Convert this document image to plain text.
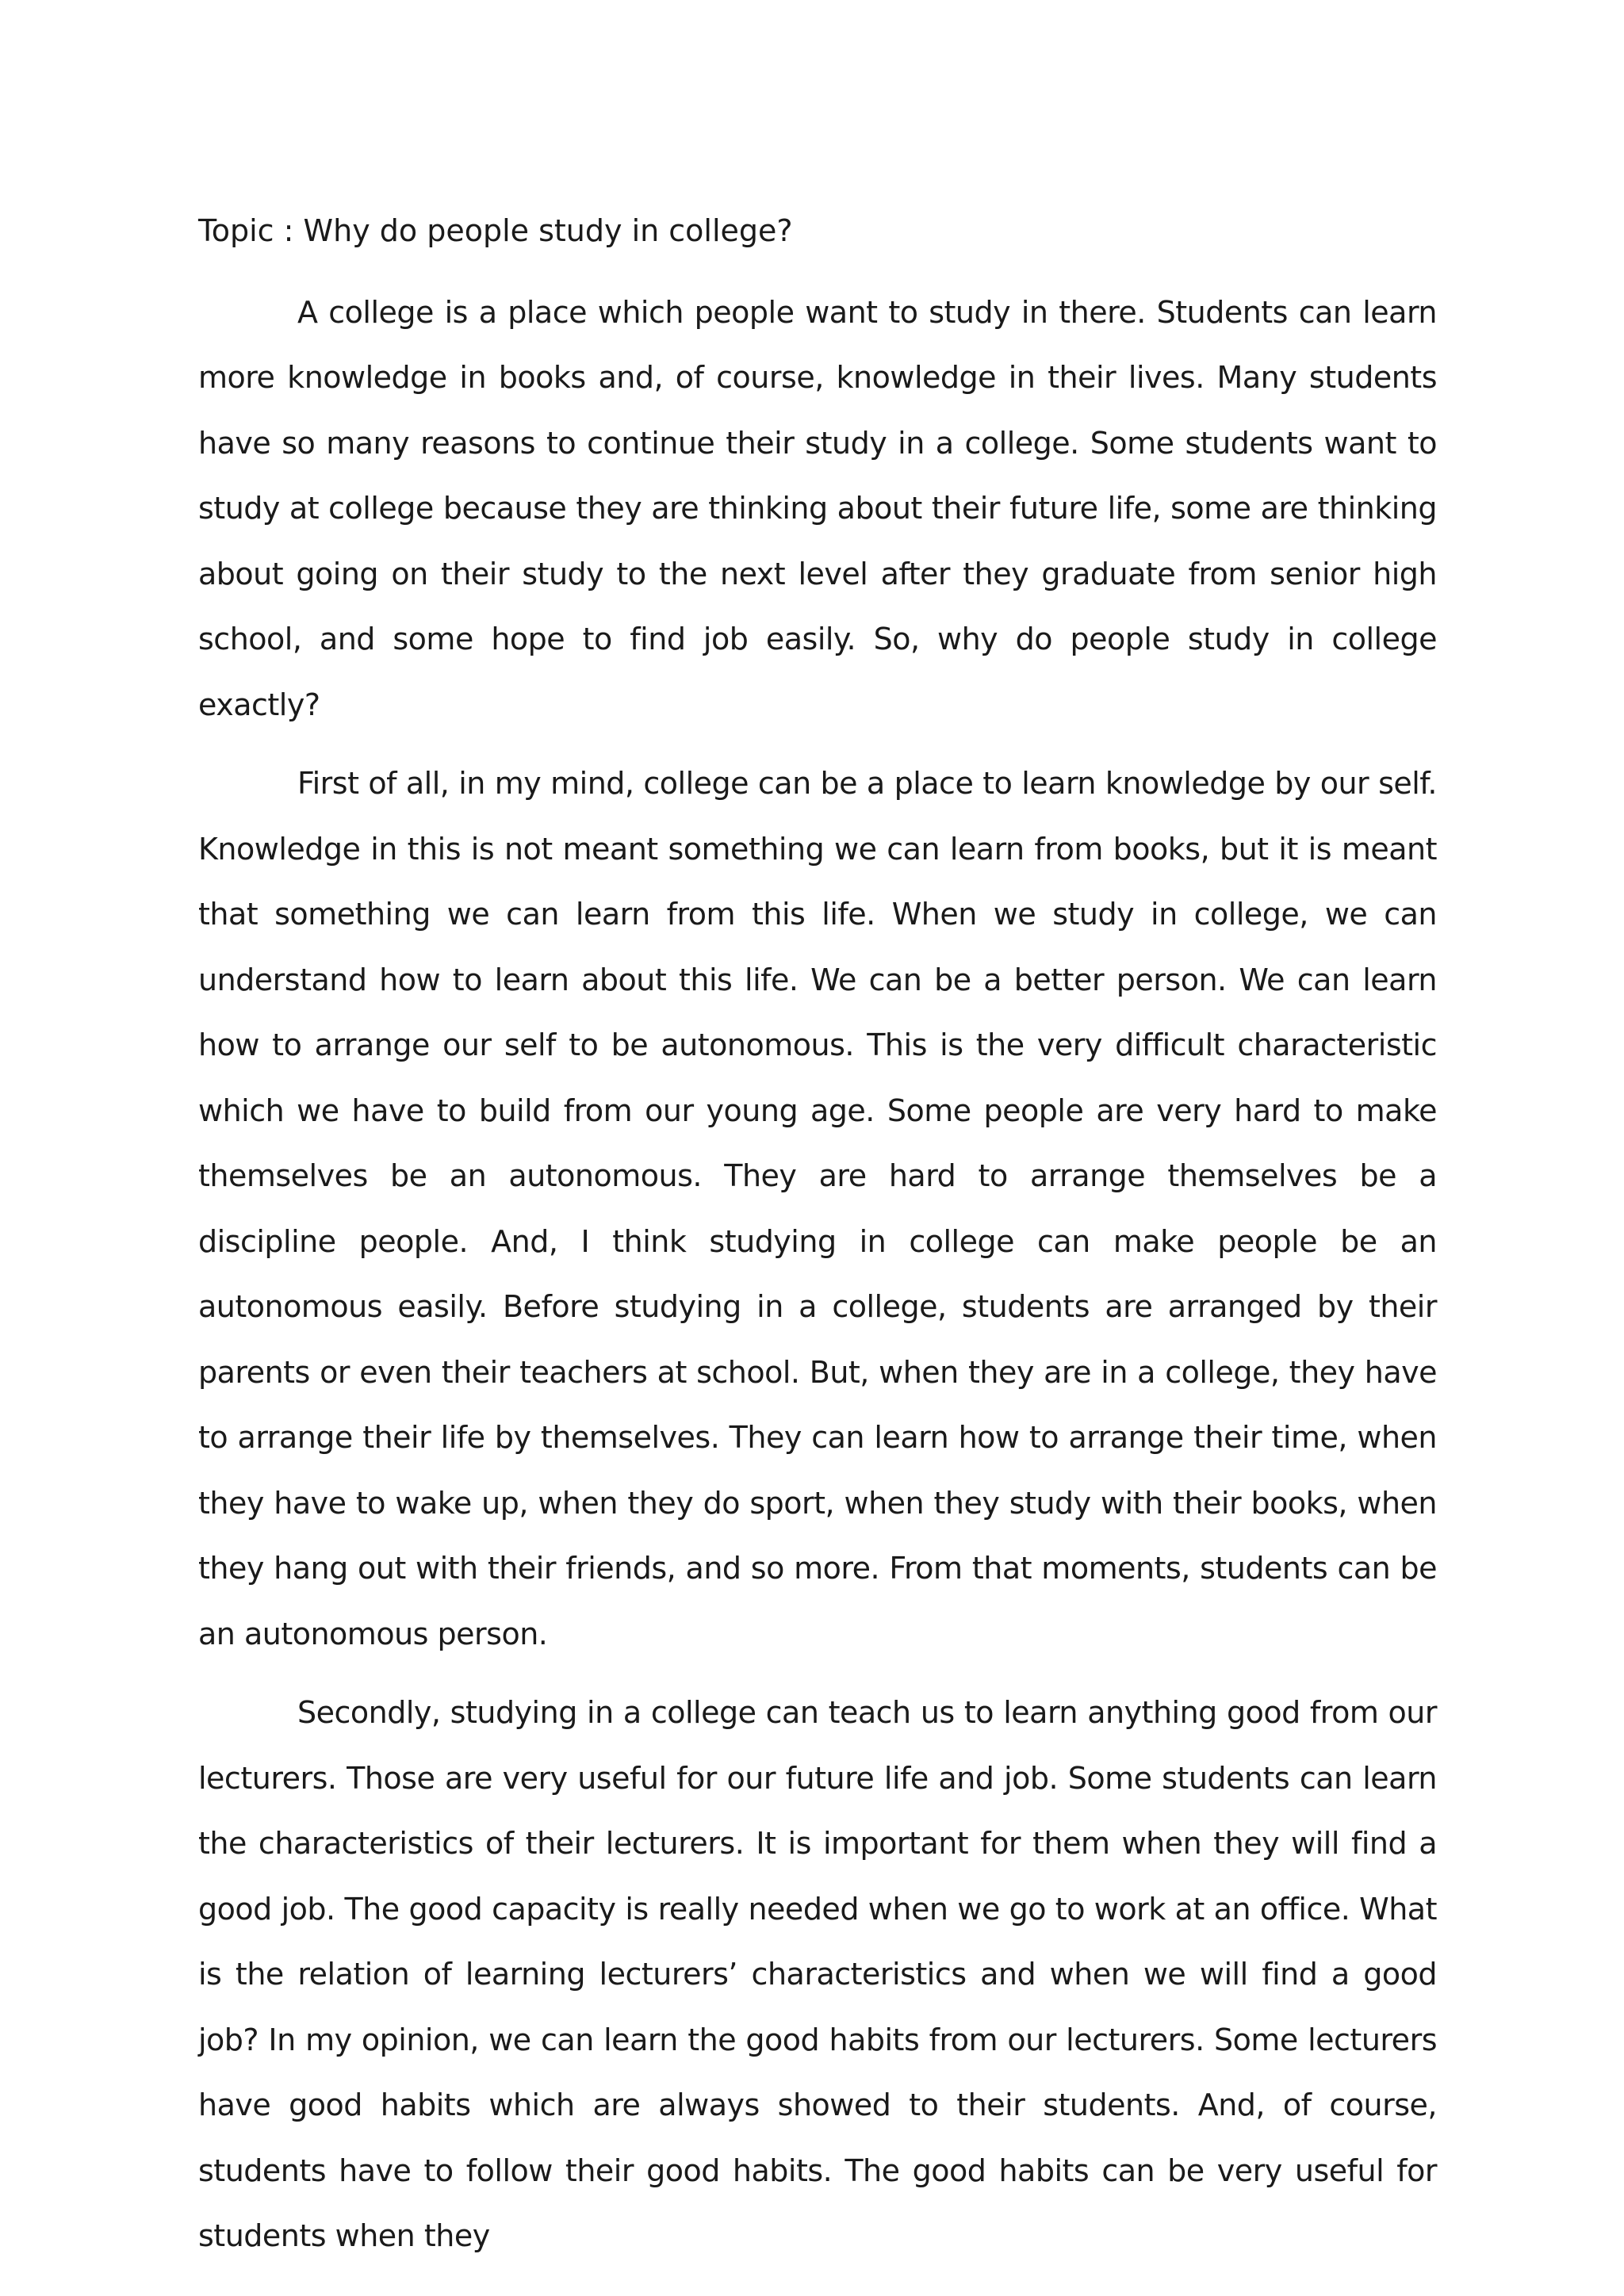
Topic : Why do people study in college?

A college is a place which people want to study in there. Students can learn more knowledge in books and, of course, knowledge in their lives. Many students have so many reasons to continue their study in a college. Some students want to study at college because they are thinking about their future life, some are thinking about going on their study to the next level after they graduate from senior high school, and some hope to find job easily. So, why do people study in college exactly?

First of all, in my mind, college can be a place to learn knowledge by our self. Knowledge in this is not meant something we can learn from books, but it is meant that something we can learn from this life. When we study in college, we can understand how to learn about this life. We can be a better person. We can learn how to arrange our self to be autonomous. This is the very difficult characteristic which we have to build from our young age. Some people are very hard to make themselves be an autonomous. They are hard to arrange themselves be a discipline people. And, I think studying in college can make people be an autonomous easily. Before studying in a college, students are arranged by their parents or even their teachers at school. But, when they are in a college, they have to arrange their life by themselves. They can learn how to arrange their time, when they have to wake up, when they do sport, when they study with their books, when they hang out with their friends, and so more. From that moments, students can be an autonomous person.

Secondly, studying in a college can teach us to learn anything good from our lecturers. Those are very useful for our future life and job. Some students can learn the characteristics of their lecturers. It is important for them when they will find a good job. The good capacity is really needed when we go to work at an office. What is the relation of learning lecturers’ characteristics and when we will find a good job? In my opinion, we can learn the good habits from our lecturers. Some lecturers have good habits which are always showed to their students. And, of course, students have to follow their good habits. The good habits can be very useful for students when they
